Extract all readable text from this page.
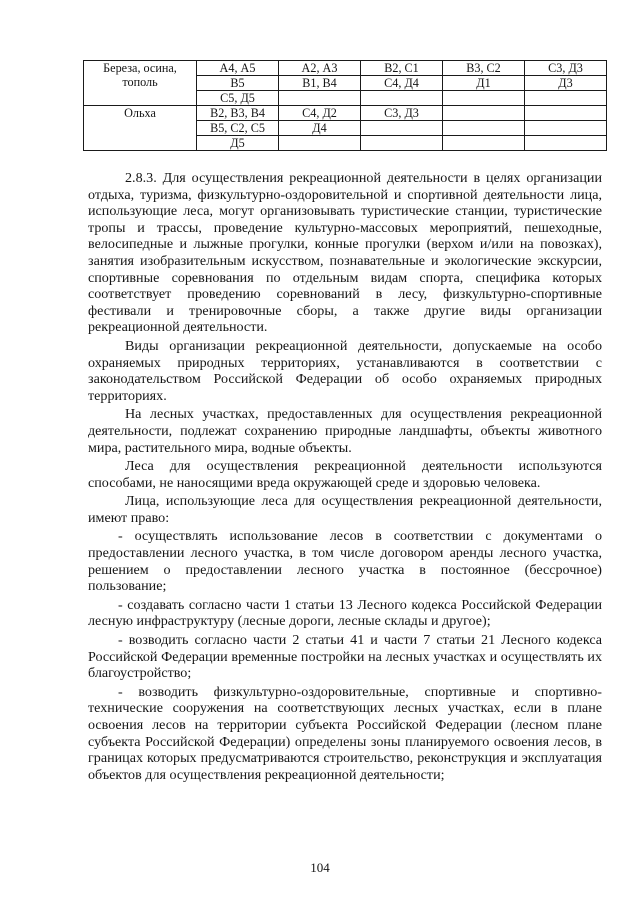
Береза, осина,
тополь	А4, А5	А2, А3	В2, С1	В3, С2	С3, Д3
	В5	В1, В4	С4, Д4	Д1	Д3
	С5, Д5				

Ольха	В2, В3, В4	С4, Д2	С3, Д3		
	В5, С2, С5	Д4			
	Д5				

2.8.3. Для осуществления рекреационной деятельности в целях организации отдыха, туризма, физкультурно-оздоровительной и спортивной деятельности лица, использующие леса, могут организовывать туристические станции, туристические тропы и трассы, проведение культурно-массовых мероприятий, пешеходные, велосипедные и лыжные прогулки, конные прогулки (верхом и/или на повозках), занятия изобразительным искусством, познавательные и экологические экскурсии, спортивные соревнования по отдельным видам спорта, специфика которых соответствует проведению соревнований в лесу, физкультурно-спортивные фестивали и тренировочные сборы, а также другие виды организации рекреационной деятельности.

Виды организации рекреационной деятельности, допускаемые на особо охраняемых природных территориях, устанавливаются в соответствии с законодательством Российской Федерации об особо охраняемых природных территориях.

На лесных участках, предоставленных для осуществления рекреационной деятельности, подлежат сохранению природные ландшафты, объекты животного мира, растительного мира, водные объекты.

Леса для осуществления рекреационной деятельности используются способами, не наносящими вреда окружающей среде и здоровью человека.

Лица, использующие леса для осуществления рекреационной деятельности, имеют право:

- осуществлять использование лесов в соответствии с документами о предоставлении лесного участка, в том числе договором аренды лесного участка, решением о предоставлении лесного участка в постоянное (бессрочное) пользование;

- создавать согласно части 1 статьи 13 Лесного кодекса Российской Федерации лесную инфраструктуру (лесные дороги, лесные склады и другое);

- возводить согласно части 2 статьи 41 и части 7 статьи 21 Лесного кодекса Российской Федерации временные постройки на лесных участках и осуществлять их благоустройство;

- возводить физкультурно-оздоровительные, спортивные и спортивно-технические сооружения на соответствующих лесных участках, если в плане освоения лесов на территории субъекта Российской Федерации (лесном плане субъекта Российской Федерации) определены зоны планируемого освоения лесов, в границах которых предусматриваются строительство, реконструкция и эксплуатация объектов для осуществления рекреационной деятельности;

104
